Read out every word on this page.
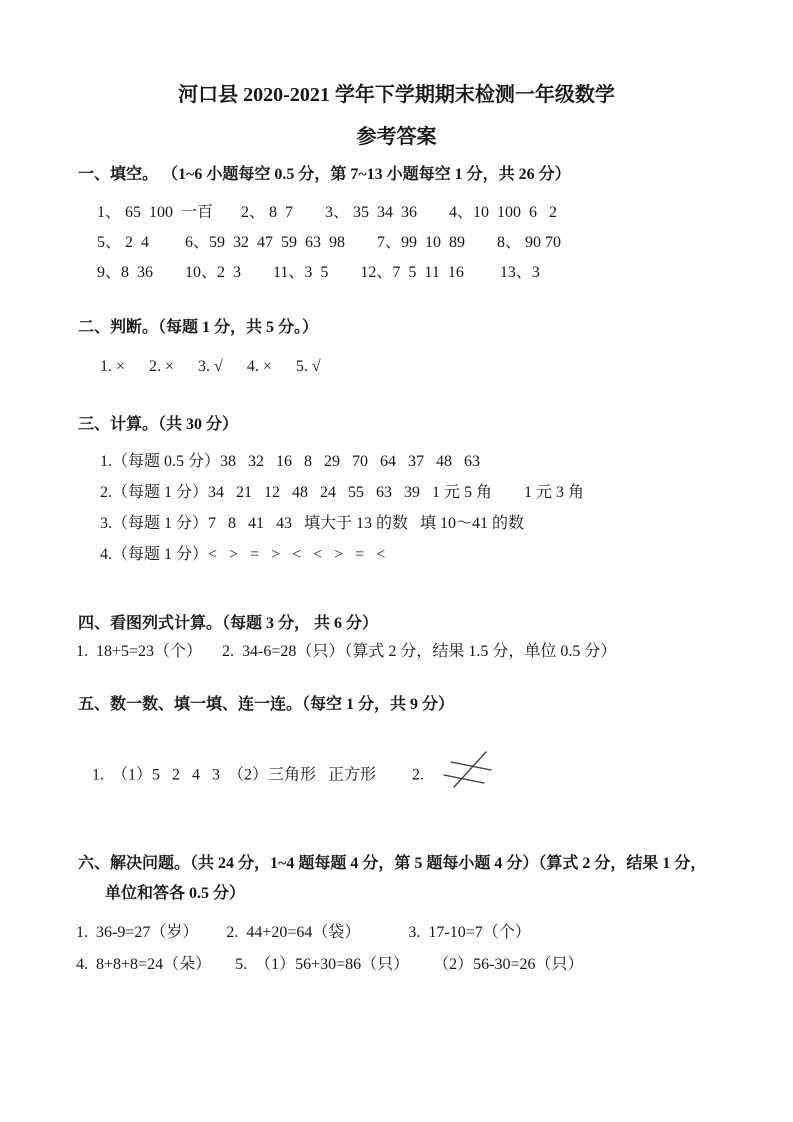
河口县 2020-2021 学年下学期期末检测一年级数学
参考答案
一、填空。 （1~6 小题每空 0.5 分，第 7~13 小题每空 1 分，共 26 分）
1、 65  100  一百       2、 8  7        3、 35  34  36        4、10  100  6   2
5、 2  4         6、59  32  47  59  63  98        7、99  10  89        8、 90 70
9、8  36        10、2  3        11、3  5        12、7  5  11  16         13、3
二、判断。（每题 1 分，共 5 分。）
1. ×      2. ×      3. √      4. ×      5. √
三、计算。（共 30 分）
1.（每题 0.5 分）38   32   16   8   29   70   64   37   48   63
2.（每题 1 分）34   21   12   48   24   55   63   39   1 元 5 角        1 元 3 角
3.（每题 1 分）7   8   41   43   填大于 13 的数   填 10～41 的数
4.（每题 1 分）<   >   =   >   <   <   >   =   <
四、看图列式计算。（每题 3 分， 共 6 分）
1.  18+5=23（个）     2.  34-6=28（只）（算式 2 分，结果 1.5 分，单位 0.5 分）
五、数一数、填一填、连一连。（每空 1 分，共 9 分）

1.  （1）5   2   4   3  （2）三角形   正方形         2.

六、解决问题。（共 24 分，1~4 题每题 4 分，第 5 题每小题 4 分）（算式 2 分，结果 1 分，
单位和答各 0.5 分）
1.  36-9=27（岁）       2.  44+20=64（袋）            3.  17-10=7（个）
4.  8+8+8=24（朵）      5.  （1）56+30=86（只）      （2）56-30=26（只）
